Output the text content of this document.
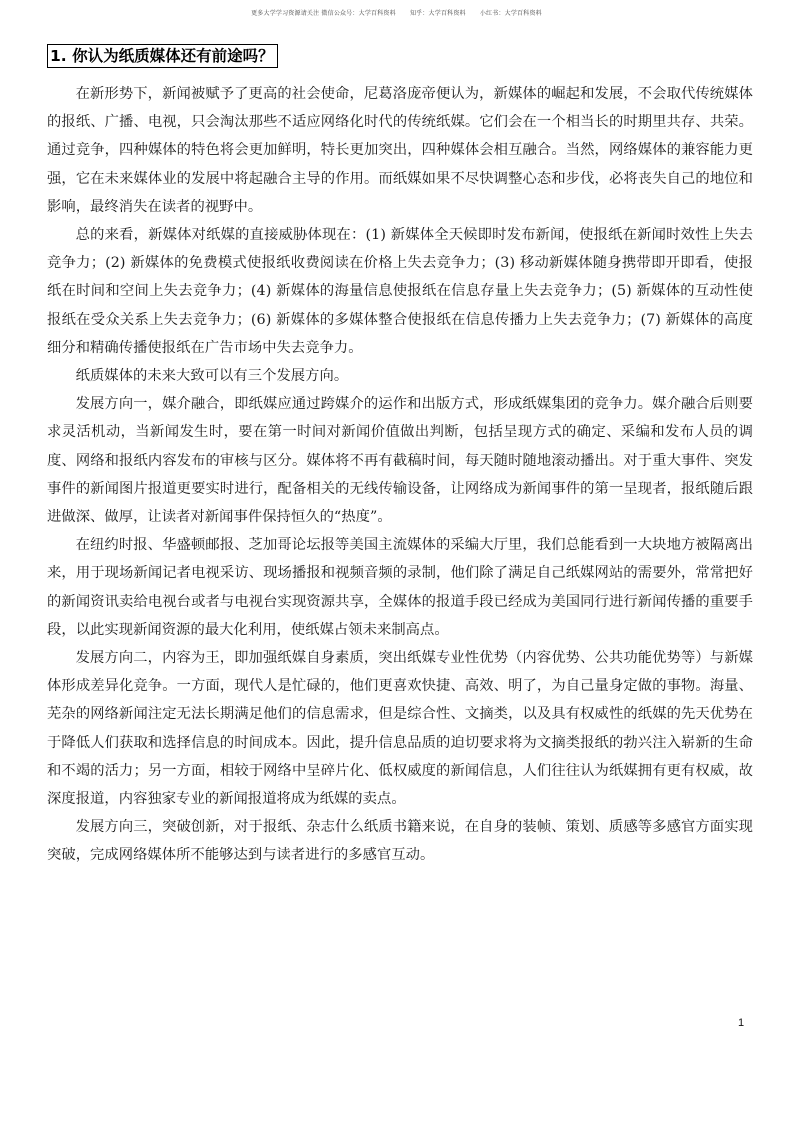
更多大学学习资源请关注 微信公众号：大学百科资料 知乎：大学百科资料 小红书：大学百科资料
1. 你认为纸质媒体还有前途吗？

在新形势下，新闻被赋予了更高的社会使命，尼葛洛庞帝便认为，新媒体的崛起和发展，不会取代传统媒体的报纸、广播、电视，只会淘汰那些不适应网络化时代的传统纸媒。它们会在一个相当长的时期里共存、共荣。通过竞争，四种媒体的特色将会更加鲜明，特长更加突出，四种媒体会相互融合。当然，网络媒体的兼容能力更强，它在未来媒体业的发展中将起融合主导的作用。而纸媒如果不尽快调整心态和步伐，必将丧失自己的地位和影响，最终消失在读者的视野中。

总的来看，新媒体对纸媒的直接威胁体现在：(1) 新媒体全天候即时发布新闻，使报纸在新闻时效性上失去竞争力；(2) 新媒体的免费模式使报纸收费阅读在价格上失去竞争力；(3) 移动新媒体随身携带即开即看，使报纸在时间和空间上失去竞争力；(4) 新媒体的海量信息使报纸在信息存量上失去竞争力；(5) 新媒体的互动性使报纸在受众关系上失去竞争力；(6) 新媒体的多媒体整合使报纸在信息传播力上失去竞争力；(7) 新媒体的高度细分和精确传播使报纸在广告市场中失去竞争力。

纸质媒体的未来大致可以有三个发展方向。

发展方向一，媒介融合，即纸媒应通过跨媒介的运作和出版方式，形成纸媒集团的竞争力。媒介融合后则要求灵活机动，当新闻发生时，要在第一时间对新闻价值做出判断，包括呈现方式的确定、采编和发布人员的调度、网络和报纸内容发布的审核与区分。媒体将不再有截稿时间，每天随时随地滚动播出。对于重大事件、突发事件的新闻图片报道更要实时进行，配备相关的无线传输设备，让网络成为新闻事件的第一呈现者，报纸随后跟进做深、做厚，让读者对新闻事件保持恒久的“热度”。

在纽约时报、华盛顿邮报、芝加哥论坛报等美国主流媒体的采编大厅里，我们总能看到一大块地方被隔离出来，用于现场新闻记者电视采访、现场播报和视频音频的录制，他们除了满足自己纸媒网站的需要外，常常把好的新闻资讯卖给电视台或者与电视台实现资源共享，全媒体的报道手段已经成为美国同行进行新闻传播的重要手段，以此实现新闻资源的最大化利用，使纸媒占领未来制高点。

发展方向二，内容为王，即加强纸媒自身素质，突出纸媒专业性优势（内容优势、公共功能优势等）与新媒体形成差异化竞争。一方面，现代人是忙碌的，他们更喜欢快捷、高效、明了，为自己量身定做的事物。海量、芜杂的网络新闻注定无法长期满足他们的信息需求，但是综合性、文摘类，以及具有权威性的纸媒的先天优势在于降低人们获取和选择信息的时间成本。因此，提升信息品质的迫切要求将为文摘类报纸的勃兴注入崭新的生命和不竭的活力；另一方面，相较于网络中呈碎片化、低权威度的新闻信息，人们往往认为纸媒拥有更有权威，故深度报道，内容独家专业的新闻报道将成为纸媒的卖点。

发展方向三，突破创新，对于报纸、杂志什么纸质书籍来说，在自身的装帧、策划、质感等多感官方面实现突破，完成网络媒体所不能够达到与读者进行的多感官互动。

1
